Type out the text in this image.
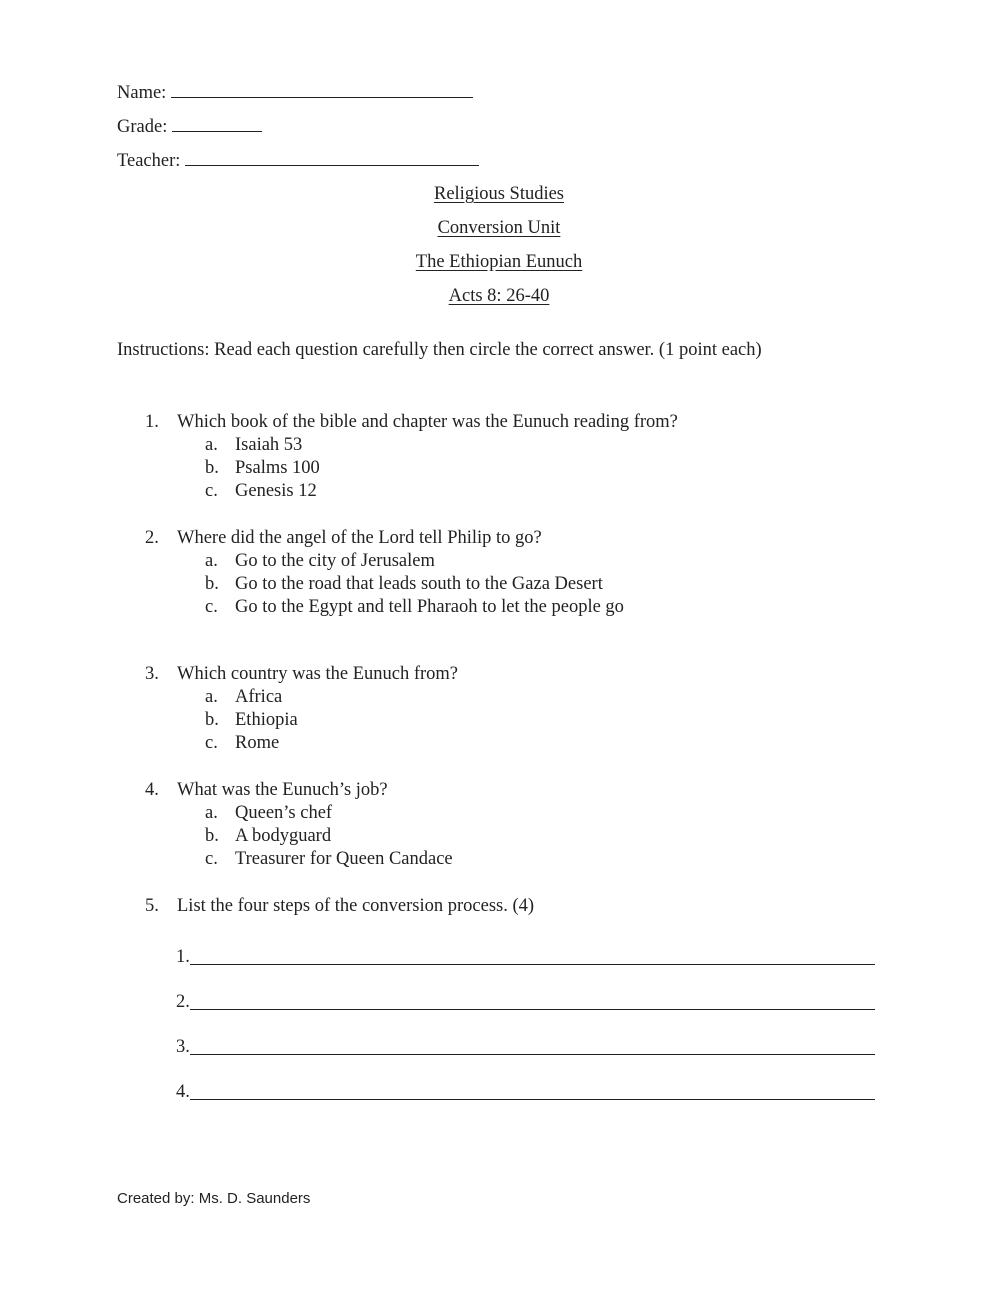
Name:
Grade:
Teacher:
Religious Studies
Conversion Unit
The Ethiopian Eunuch
Acts 8: 26-40
Instructions: Read each question carefully then circle the correct answer. (1 point each)
1. Which book of the bible and chapter was the Eunuch reading from?
a. Isaiah 53
b. Psalms 100
c. Genesis 12
2. Where did the angel of the Lord tell Philip to go?
a. Go to the city of Jerusalem
b. Go to the road that leads south to the Gaza Desert
c. Go to the Egypt and tell Pharaoh to let the people go
3. Which country was the Eunuch from?
a. Africa
b. Ethiopia
c. Rome
4. What was the Eunuch’s job?
a. Queen’s chef
b. A bodyguard
c. Treasurer for Queen Candace
5. List the four steps of the conversion process. (4)
1.
2.
3.
4.
Created by: Ms. D. Saunders
